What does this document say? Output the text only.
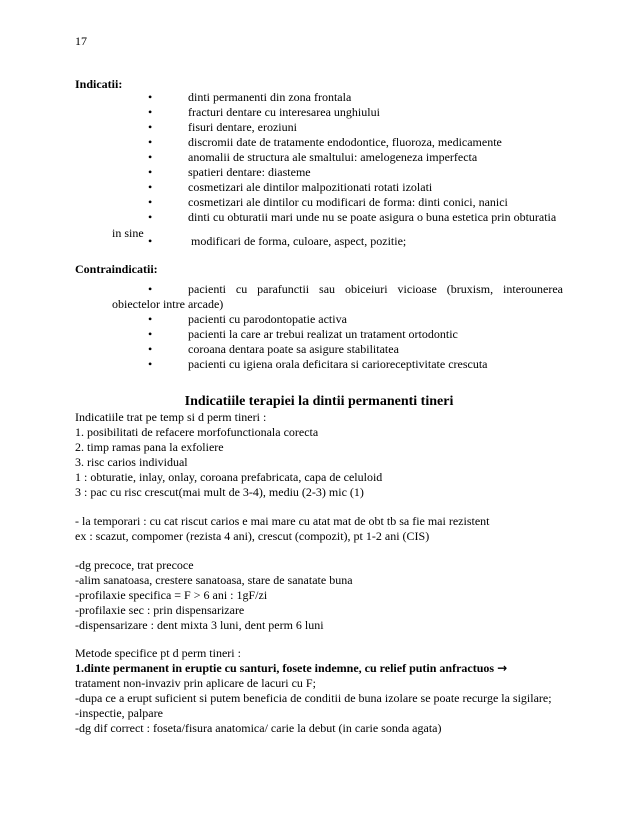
17
Indicatii:
•	dinti permanenti din zona frontala
•	fracturi dentare cu interesarea unghiului
•	fisuri dentare, eroziuni
•	discromii date de tratamente endodontice, fluoroza, medicamente
•	anomalii de structura ale smaltului: amelogeneza imperfecta
•	spatieri dentare: diasteme
•	cosmetizari ale dintilor malpozitionati rotati izolati
•	cosmetizari ale dintilor cu modificari de forma: dinti conici, nanici
•	dinti cu obturatii mari unde nu se poate asigura o buna estetica prin obturatia
in sine
•	modificari de forma, culoare, aspect, pozitie;
Contraindicatii:
•	pacienti cu parafunctii sau obiceiuri vicioase (bruxism, interounerea
obiectelor intre arcade)
•	pacienti cu parodontopatie activa
•	pacienti la care ar trebui realizat un tratament ortodontic
•	coroana dentara poate sa asigure stabilitatea
•	pacienti cu igiena orala deficitara si carioreceptivitate crescuta
Indicatiile terapiei la dintii permanenti tineri
Indicatiile trat pe temp si d perm tineri :
1. posibilitati de refacere morfofunctionala corecta
2. timp ramas pana la exfoliere
3. risc carios individual
1 : obturatie, inlay, onlay, coroana prefabricata, capa de celuloid
3 : pac cu risc crescut(mai mult de 3-4), mediu (2-3) mic (1)
- la temporari : cu cat riscut carios e mai mare cu atat mat de obt tb sa fie mai rezistent
ex : scazut, compomer (rezista 4 ani), crescut (compozit), pt 1-2 ani (CIS)
-dg precoce, trat precoce
-alim sanatoasa, crestere sanatoasa, stare de sanatate buna
-profilaxie specifica = F > 6 ani : 1gF/zi
-profilaxie sec : prin dispensarizare
-dispensarizare : dent mixta 3 luni, dent perm 6 luni
Metode specifice pt d perm tineri :
1.dinte permanent in eruptie cu santuri, fosete indemne, cu relief putin anfractuos →
tratament non-invaziv prin aplicare de lacuri cu F;
-dupa ce a erupt suficient si putem beneficia de conditii de buna izolare se poate recurge la sigilare;
-inspectie, palpare
-dg dif correct : foseta/fisura anatomica/ carie la debut (in carie sonda agata)
